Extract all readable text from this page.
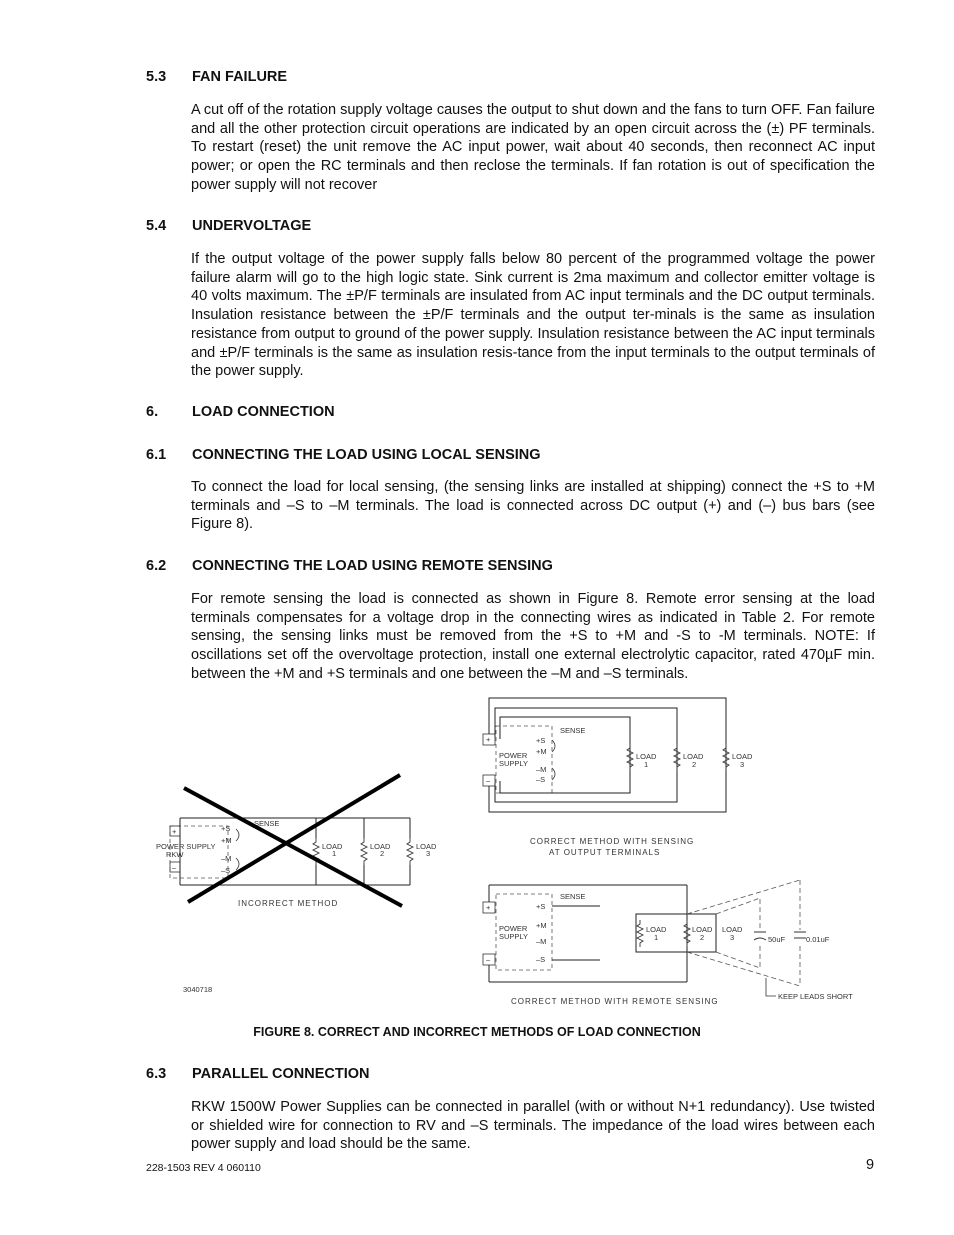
5.3 FAN FAILURE
A cut off of the rotation supply voltage causes the output to shut down and the fans to turn OFF. Fan failure and all the other protection circuit operations are indicated by an open circuit across the (±) PF terminals. To restart (reset) the unit remove the AC input power, wait about 40 seconds, then reconnect AC input power; or open the RC terminals and then reclose the terminals. If fan rotation is out of specification the power supply will not recover
5.4 UNDERVOLTAGE
If the output voltage of the power supply falls below 80 percent of the programmed voltage the power failure alarm will go to the high logic state. Sink current is 2ma maximum and collector emitter voltage is 40 volts maximum. The ±P/F terminals are insulated from AC input terminals and the DC output terminals. Insulation resistance between the ±P/F terminals and the output ter-minals is the same as insulation resistance from output to ground of the power supply. Insulation resistance between the AC input terminals and ±P/F terminals is the same as insulation resis-tance from the input terminals to the output terminals of the power supply.
6. LOAD CONNECTION
6.1 CONNECTING THE LOAD USING LOCAL SENSING
To connect the load for local sensing, (the sensing links are installed at shipping) connect the +S to +M terminals and –S to –M terminals. The load is connected across DC output (+) and (–) bus bars (see Figure 8).
6.2 CONNECTING THE LOAD USING REMOTE SENSING
For remote sensing the load is connected as shown in Figure 8. Remote error sensing at the load terminals compensates for a voltage drop in the connecting wires as indicated in Table 2. For remote sensing, the sensing links must be removed from the +S to +M and -S to -M terminals. NOTE: If oscillations set off the overvoltage protection, install one external electrolytic capacitor, rated 470µF min. between the +M and +S terminals and one between the –M and –S terminals.
+
–
POWER SUPPLY
RKW
+S
+M
–M
–S
SENSE
LOAD
1
LOAD
2
LOAD
3
INCORRECT METHOD
3040718
+
–
POWER
SUPPLY
+S
+M
–M
–S
SENSE
LOAD
1
LOAD
2
LOAD
3
CORRECT METHOD WITH SENSING
AT OUTPUT TERMINALS
+
–
POWER
SUPPLY
+S
+M
–M
–S
SENSE
LOAD
1
LOAD
2
LOAD
3	50uF	0.01uF
KEEP LEADS SHORT
CORRECT METHOD WITH REMOTE SENSING
FIGURE 8. CORRECT AND INCORRECT METHODS OF LOAD CONNECTION
6.3 PARALLEL CONNECTION
RKW 1500W Power Supplies can be connected in parallel (with or without N+1 redundancy). Use twisted or shielded wire for connection to RV and –S terminals. The impedance of the load wires between each power supply and load should be the same.
228-1503 REV 4 060110	9
